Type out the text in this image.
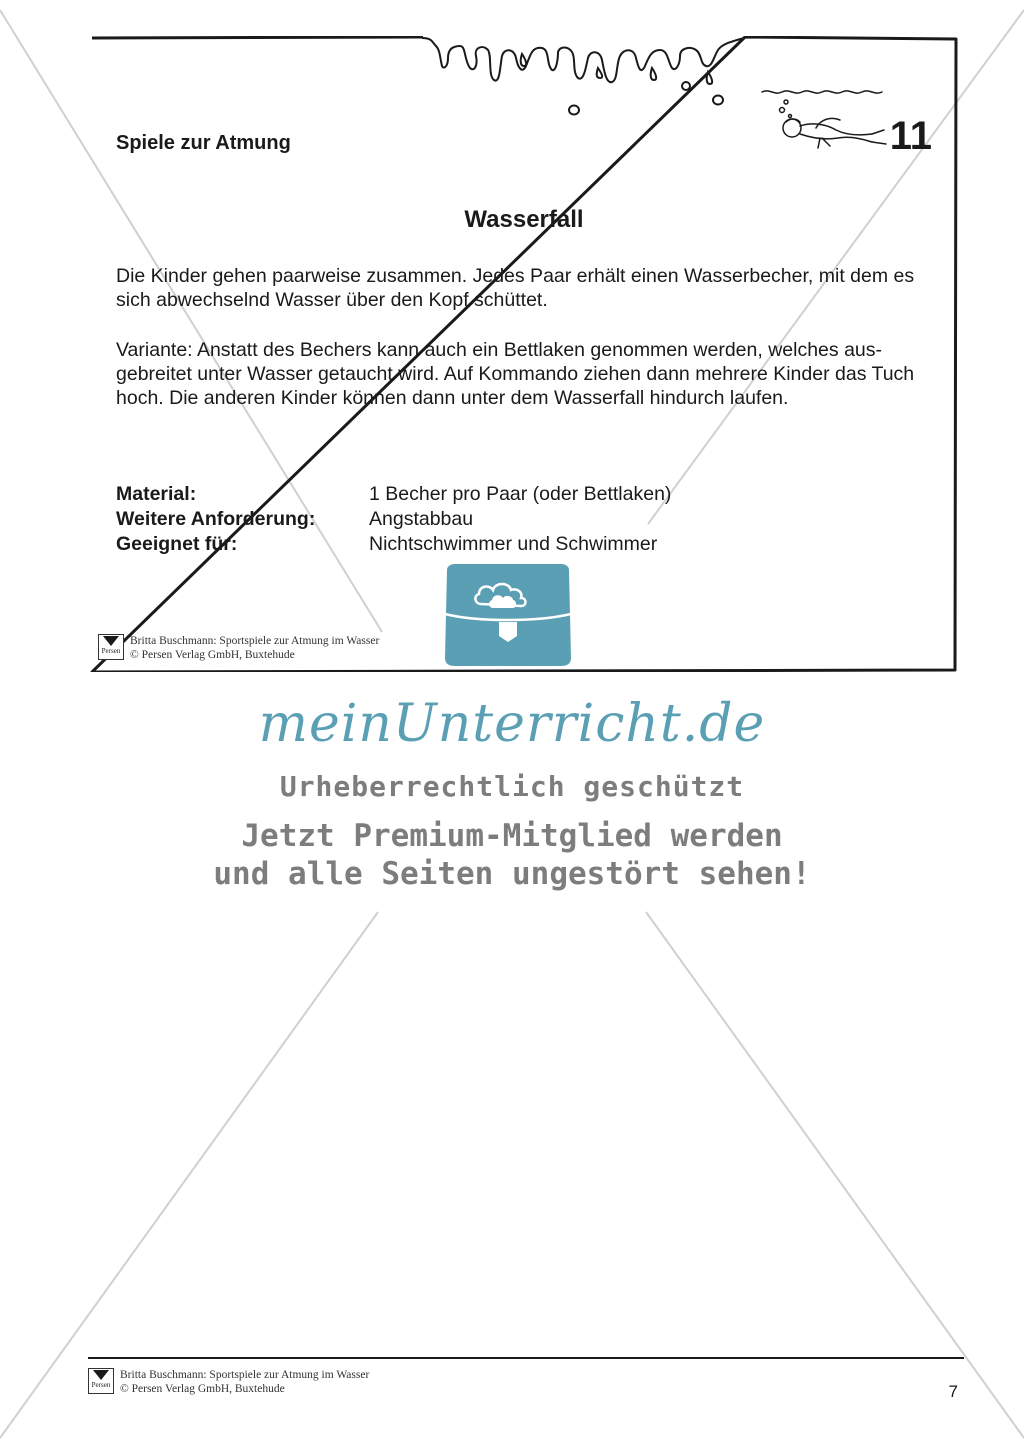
Spiele zur Atmung	11
Wasserfall

Die Kinder gehen paarweise zusammen. Jedes Paar erhält einen Wasserbecher, mit dem es sich abwechselnd Wasser über den Kopf schüttet.

Variante: Anstatt des Bechers kann auch ein Bettlaken genommen werden, welches ausgebreitet unter Wasser getaucht wird. Auf Kommando ziehen dann mehrere Kinder das Tuch hoch. Die anderen Kinder können dann unter dem Wasserfall hindurch laufen.

Material:	1 Becher pro Paar (oder Bettlaken)
Weitere Anforderung:	Angstabbau
Geeignet für:	Nichtschwimmer und Schwimmer
Persen
Britta Buschmann: Sportspiele zur Atmung im Wasser
© Persen Verlag GmbH, Buxtehude
meinUnterricht.de
Urheberrechtlich geschützt
Jetzt Premium-Mitglied werden
und alle Seiten ungestört sehen!
Persen
Britta Buschmann: Sportspiele zur Atmung im Wasser
© Persen Verlag GmbH, Buxtehude	7
